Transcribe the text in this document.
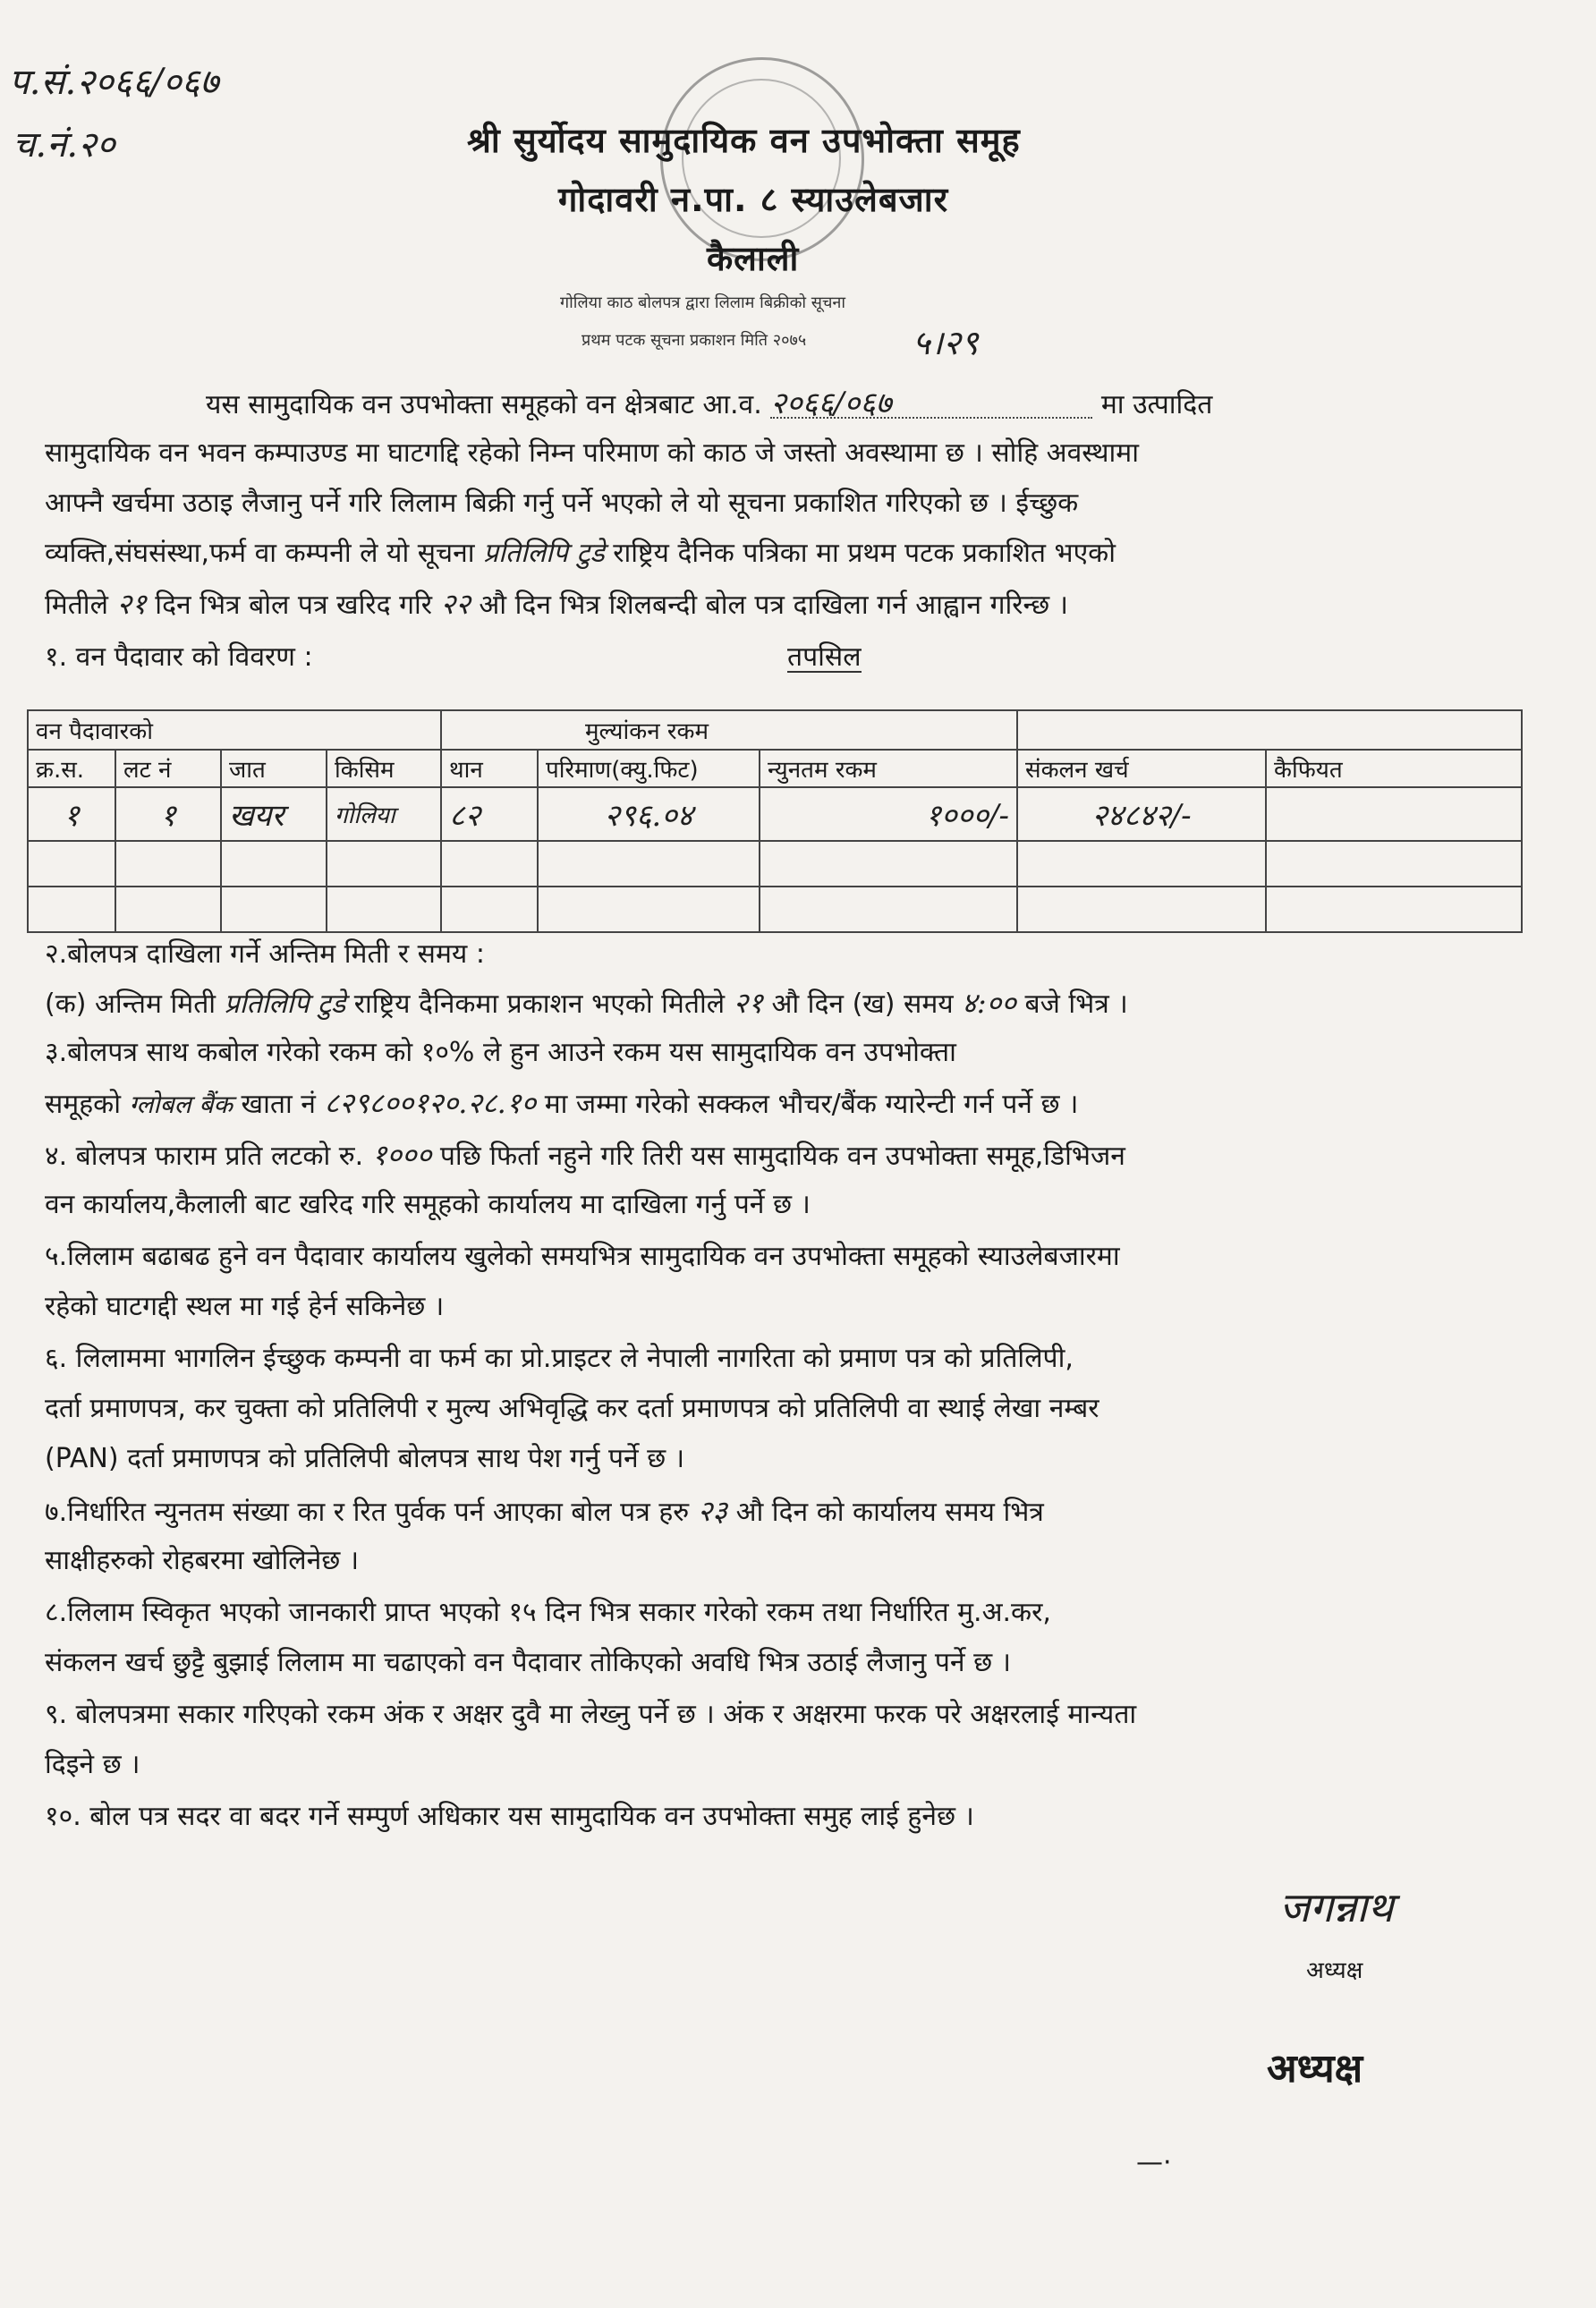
प.सं.२०६६/०६७
च.नं.२०	श्री सुर्योदय सामुदायिक वन उपभोक्ता समूह
गोदावरी न.पा. ८ स्याउलेबजार
कैलाली
गोलिया काठ बोलपत्र द्वारा लिलाम बिक्रीको सूचना
प्रथम पटक सूचना प्रकाशन मिति २०७५	५।२९
यस सामुदायिक वन उपभोक्ता समूहको वन क्षेत्रबाट आ.व. २०६६/०६७	मा उत्पादित
सामुदायिक वन भवन कम्पाउण्ड मा घाटगद्दि रहेको निम्न परिमाण को काठ जे जस्तो अवस्थामा छ । सोहि अवस्थामा
आफ्नै खर्चमा उठाइ लैजानु पर्ने गरि लिलाम बिक्री गर्नु पर्ने भएको ले यो सूचना प्रकाशित गरिएको छ । ईच्छुक
व्यक्ति,संघसंस्था,फर्म वा कम्पनी ले यो सूचना प्रतिलिपि टुडे राष्ट्रिय दैनिक पत्रिका मा प्रथम पटक प्रकाशित भएको
मितीले २१ दिन भित्र बोल पत्र खरिद गरि २२ औ दिन भित्र शिलबन्दी बोल पत्र दाखिला गर्न आह्वान गरिन्छ ।
१. वन पैदावार को विवरण :	तपसिल
वन पैदावारको				मुल्यांकन रकम				
क्र.स.	लट नं	जात	किसिम	थान	परिमाण(क्यु.फिट)	न्युनतम रकम	संकलन खर्च	कैफियत
१	१	खयर	गोलिया	८२	२९६.०४	१०००/-	२४८४२/-	

२.बोलपत्र दाखिला गर्ने अन्तिम मिती र समय :
(क) अन्तिम मिती प्रतिलिपि टुडे राष्ट्रिय दैनिकमा प्रकाशन भएको मितीले २१ औ दिन (ख) समय ४:०० बजे भित्र ।
३.बोलपत्र साथ कबोल गरेको रकम को १०% ले हुन आउने रकम यस सामुदायिक वन उपभोक्ता
समूहको ग्लोबल बैंक खाता नं ८२९८००१२०.२८.१० मा जम्मा गरेको सक्कल भौचर/बैंक ग्यारेन्टी गर्न पर्ने छ ।
४. बोलपत्र फाराम प्रति लटको रु. १००० पछि फिर्ता नहुने गरि तिरी यस सामुदायिक वन उपभोक्ता समूह,डिभिजन
वन कार्यालय,कैलाली बाट खरिद गरि समूहको कार्यालय मा दाखिला गर्नु पर्ने छ ।
५.लिलाम बढाबढ हुने वन पैदावार कार्यालय खुलेको समयभित्र सामुदायिक वन उपभोक्ता समूहको स्याउलेबजारमा
रहेको घाटगद्दी स्थल मा गई हेर्न सकिनेछ ।
६. लिलाममा भागलिन ईच्छुक कम्पनी वा फर्म का प्रो.प्राइटर ले नेपाली नागरिता को प्रमाण पत्र को प्रतिलिपी,
दर्ता प्रमाणपत्र, कर चुक्ता को प्रतिलिपी र मुल्य अभिवृद्धि कर दर्ता प्रमाणपत्र को प्रतिलिपी वा स्थाई लेखा नम्बर
(PAN) दर्ता प्रमाणपत्र को प्रतिलिपी बोलपत्र साथ पेश गर्नु पर्ने छ ।
७.निर्धारित न्युनतम संख्या का र रित पुर्वक पर्न आएका बोल पत्र हरु २३ औ दिन को कार्यालय समय भित्र
साक्षीहरुको रोहबरमा खोलिनेछ ।
८.लिलाम स्विकृत भएको जानकारी प्राप्त भएको १५ दिन भित्र सकार गरेको रकम तथा निर्धारित मु.अ.कर,
संकलन खर्च छुट्टै बुझाई लिलाम मा चढाएको वन पैदावार तोकिएको अवधि भित्र उठाई लैजानु पर्ने छ ।
९. बोलपत्रमा सकार गरिएको रकम अंक र अक्षर दुवै मा लेख्नु पर्ने छ । अंक र अक्षरमा फरक परे अक्षरलाई मान्यता
दिइने छ ।
१०. बोल पत्र सदर वा बदर गर्ने सम्पुर्ण अधिकार यस सामुदायिक वन उपभोक्ता समुह लाई हुनेछ ।
जगन्नाथ
अध्यक्ष
अध्यक्ष
—·
